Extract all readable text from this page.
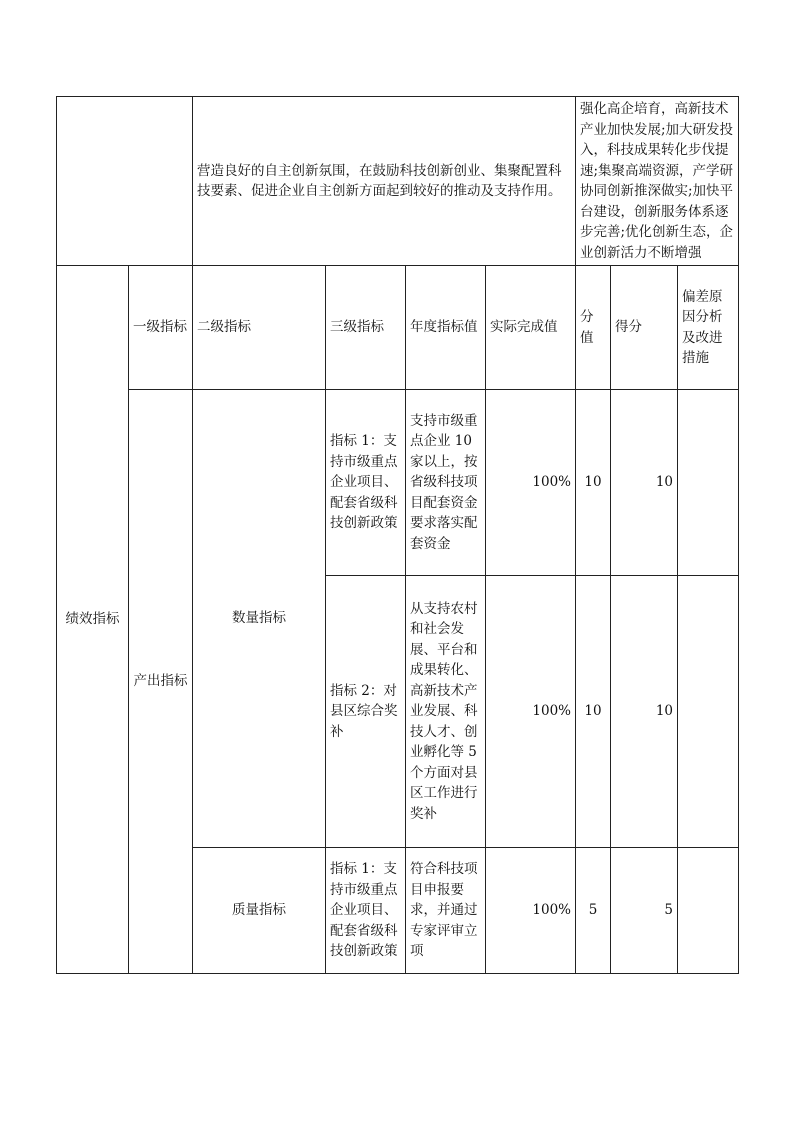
		营造良好的自主创新氛围，在鼓励科技创新创业、集聚配置科技要素、促进企业自主创新方面起到较好的推动及支持作用。				强化高企培育，高新技术产业加快发展;加大研发投入，科技成果转化步伐提速;集聚高端资源，产学研协同创新推深做实;加快平台建设，创新服务体系逐步完善;优化创新生态，企业创新活力不断增强		
绩效指标	一级指标	二级指标	三级指标	年度指标值	实际完成值	分值	得分	偏差原因分析及改进措施
	产出指标	数量指标	指标 1：支持市级重点企业项目、配套省级科技创新政策	支持市级重点企业 10 家以上，按省级科技项目配套资金要求落实配套资金	100%	10	10	
			指标 2：对县区综合奖补	从支持农村和社会发展、平台和成果转化、高新技术产业发展、科技人才、创业孵化等 5 个方面对县区工作进行奖补	100%	10	10	
		质量指标	指标 1：支持市级重点企业项目、配套省级科技创新政策	符合科技项目申报要求，并通过专家评审立项	100%	5	5	
